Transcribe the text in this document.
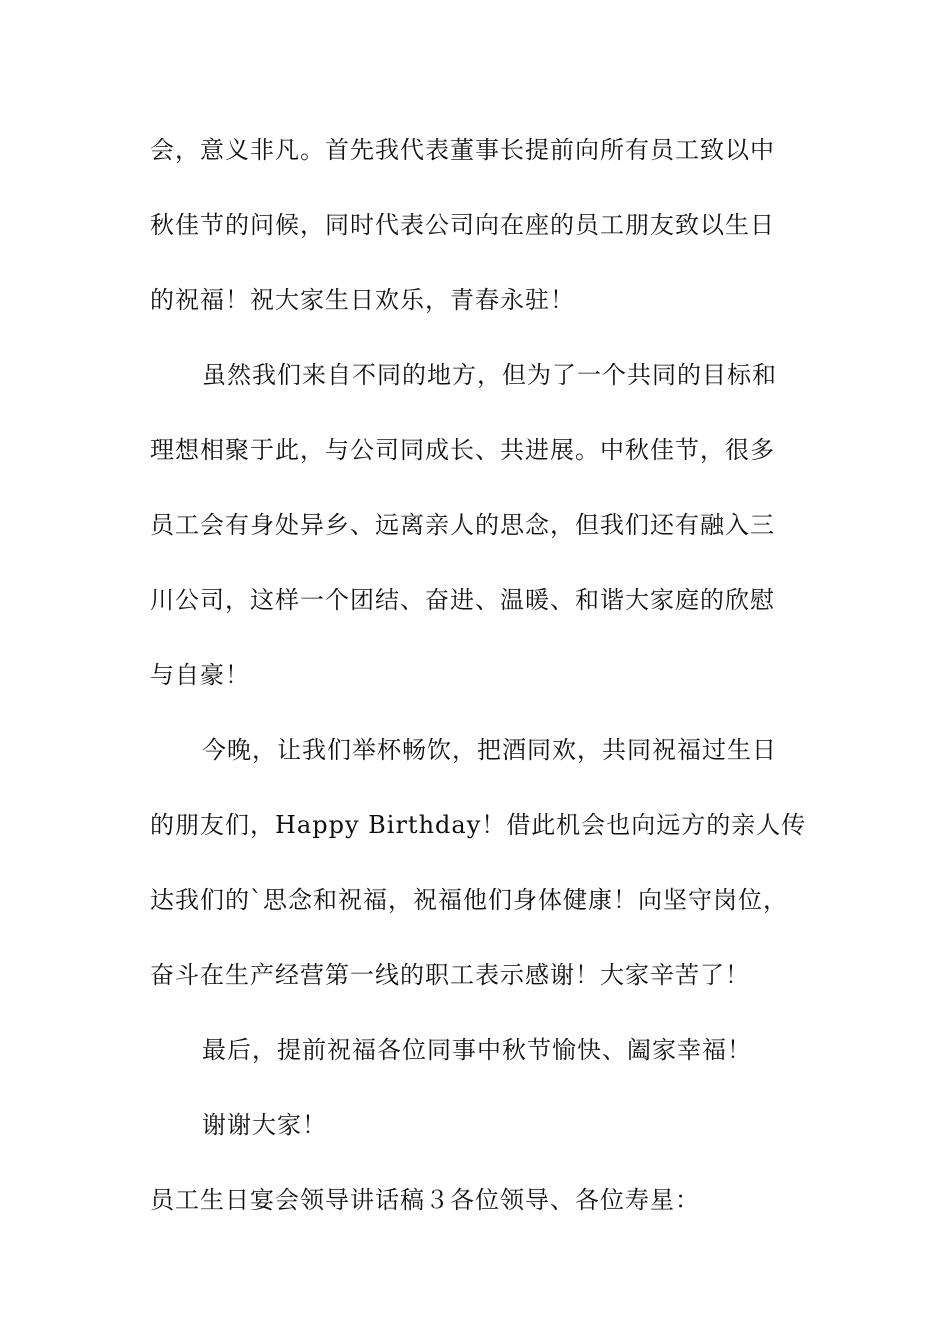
会，意义非凡。首先我代表董事长提前向所有员工致以中
秋佳节的问候，同时代表公司向在座的员工朋友致以生日
的祝福！祝大家生日欢乐，青春永驻！
虽然我们来自不同的地方，但为了一个共同的目标和
理想相聚于此，与公司同成长、共进展。中秋佳节，很多
员工会有身处异乡、远离亲人的思念，但我们还有融入三
川公司，这样一个团结、奋进、温暖、和谐大家庭的欣慰
与自豪！
今晚，让我们举杯畅饮，把酒同欢，共同祝福过生日
的朋友们，Happy Birthday！借此机会也向远方的亲人传
达我们的`思念和祝福，祝福他们身体健康！向坚守岗位，
奋斗在生产经营第一线的职工表示感谢！大家辛苦了！
最后，提前祝福各位同事中秋节愉快、阖家幸福！
谢谢大家！
员工生日宴会领导讲话稿３各位领导、各位寿星：
